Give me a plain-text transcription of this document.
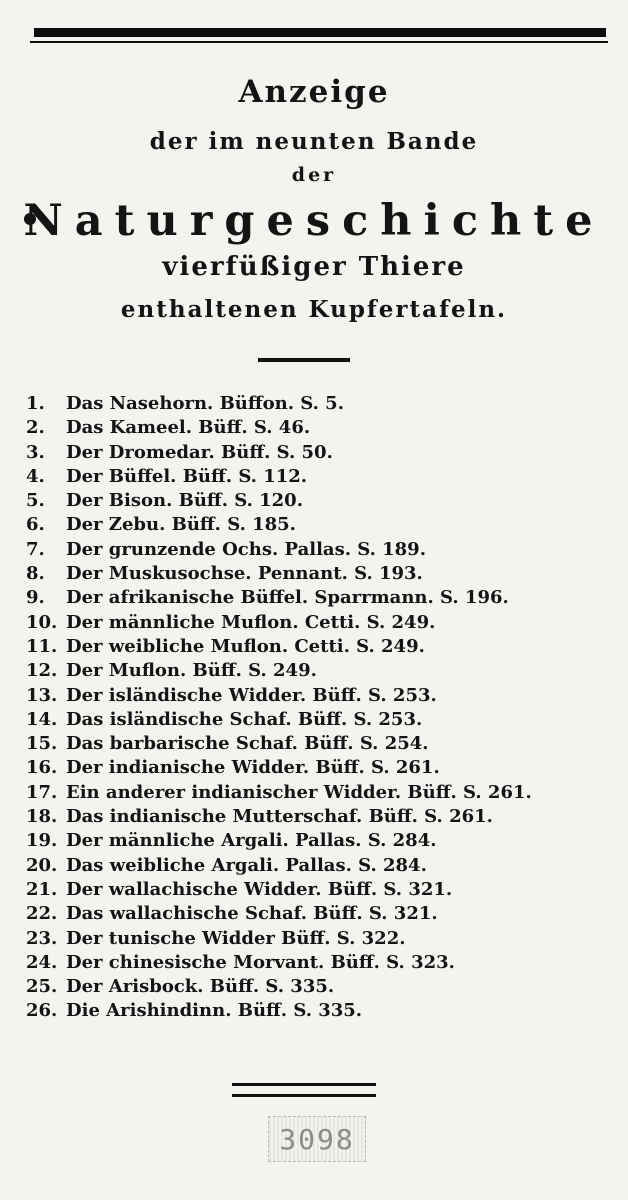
Anzeige
der im neunten Bande
der
Naturgeschichte
vierfüßiger Thiere
enthaltenen Kupfertafeln.
1.	Das Nasehorn. Büffon. S. 5.
2.	Das Kameel. Büff. S. 46.
3.	Der Dromedar. Büff. S. 50.
4.	Der Büffel. Büff. S. 112.
5.	Der Bison. Büff. S. 120.
6.	Der Zebu. Büff. S. 185.
7.	Der grunzende Ochs. Pallas. S. 189.
8.	Der Muskusochse. Pennant. S. 193.
9.	Der afrikanische Büffel. Sparrmann. S. 196.
10. Der männliche Muflon. Cetti. S. 249.
11. Der weibliche Muflon. Cetti. S. 249.
12. Der Muflon. Büff. S. 249.
13. Der isländische Widder. Büff. S. 253.
14. Das isländische Schaf. Büff. S. 253.
15. Das barbarische Schaf. Büff. S. 254.
16. Der indianische Widder. Büff. S. 261.
17. Ein anderer indianischer Widder. Büff. S. 261.
18. Das indianische Mutterschaf. Büff. S. 261.
19. Der männliche Argali. Pallas. S. 284.
20. Das weibliche Argali. Pallas. S. 284.
21. Der wallachische Widder. Büff. S. 321.
22. Das wallachische Schaf. Büff. S. 321.
23. Der tunische Widder Büff. S. 322.
24. Der chinesische Morvant. Büff. S. 323.
25. Der Arisbock. Büff. S. 335.
26. Die Arishindinn. Büff. S. 335.
3098
